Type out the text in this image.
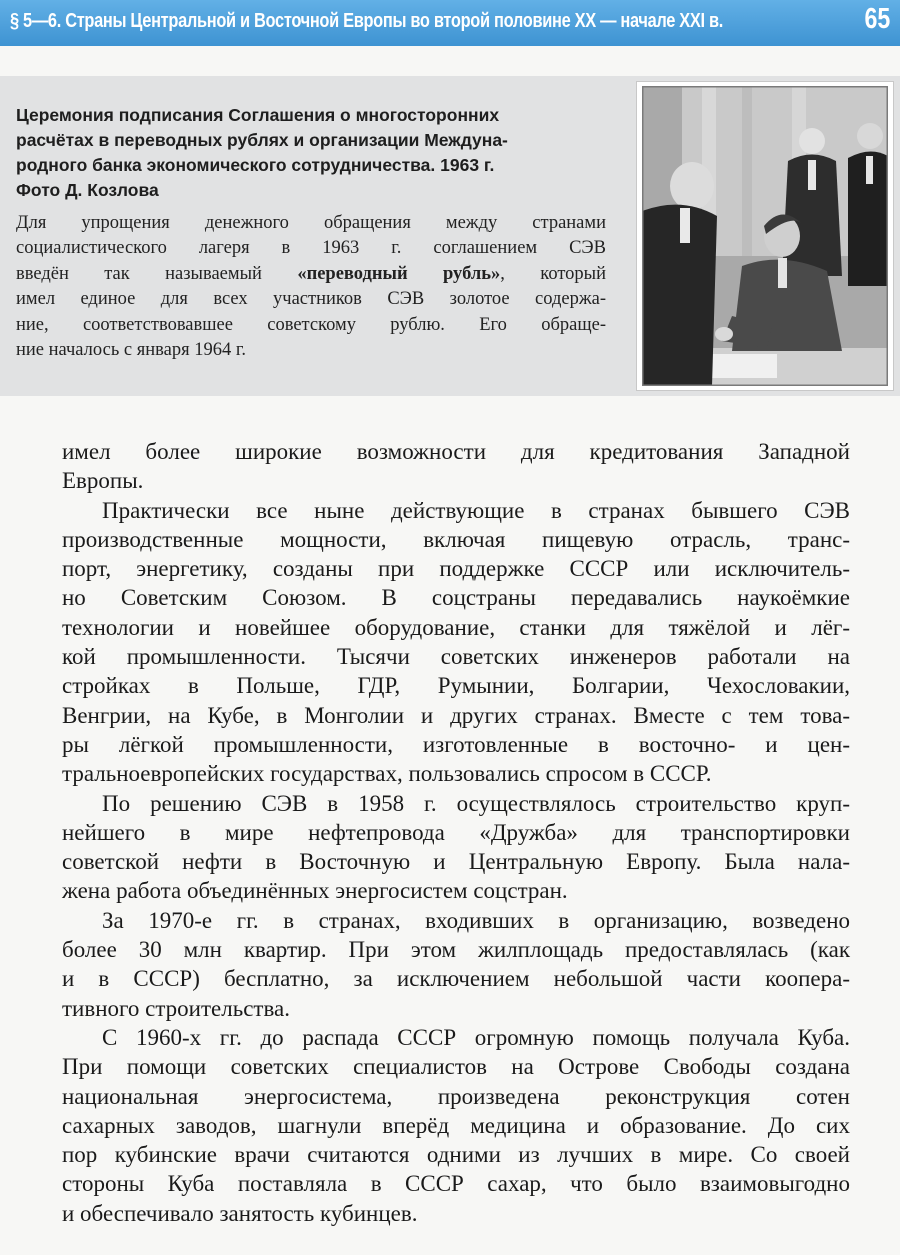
§ 5—6. Страны Центральной и Восточной Европы во второй половине XX — начале XXI в.	65
Церемония подписания Соглашения о многосторонних
расчётах в переводных рублях и организации Междуна-
родного банка экономического сотрудничества. 1963 г.
Фото Д. Козлова
Для упрощения денежного обращения между странами
социалистического лагеря в 1963 г. соглашением СЭВ
введён так называемый «переводный рубль», который
имел единое для всех участников СЭВ золотое содержа-
ние, соответствовавшее советскому рублю. Его обраще-
ние началось с января 1964 г.
имел более широкие возможности для кредитования Западной
Европы.
Практически все ныне действующие в странах бывшего СЭВ
производственные мощности, включая пищевую отрасль, транс-
порт, энергетику, созданы при поддержке СССР или исключитель-
но Советским Союзом. В соцстраны передавались наукоёмкие
технологии и новейшее оборудование, станки для тяжёлой и лёг-
кой промышленности. Тысячи советских инженеров работали на
стройках в Польше, ГДР, Румынии, Болгарии, Чехословакии,
Венгрии, на Кубе, в Монголии и других странах. Вместе с тем това-
ры лёгкой промышленности, изготовленные в восточно- и цен-
тральноевропейских государствах, пользовались спросом в СССР.
По решению СЭВ в 1958 г. осуществлялось строительство круп-
нейшего в мире нефтепровода «Дружба» для транспортировки
советской нефти в Восточную и Центральную Европу. Была нала-
жена работа объединённых энергосистем соцстран.
За 1970-е гг. в странах, входивших в организацию, возведено
более 30 млн квартир. При этом жилплощадь предоставлялась (как
и в СССР) бесплатно, за исключением небольшой части коопера-
тивного строительства.
С 1960-х гг. до распада СССР огромную помощь получала Куба.
При помощи советских специалистов на Острове Свободы создана
национальная энергосистема, произведена реконструкция сотен
сахарных заводов, шагнули вперёд медицина и образование. До сих
пор кубинские врачи считаются одними из лучших в мире. Со своей
стороны Куба поставляла в СССР сахар, что было взаимовыгодно
и обеспечивало занятость кубинцев.
